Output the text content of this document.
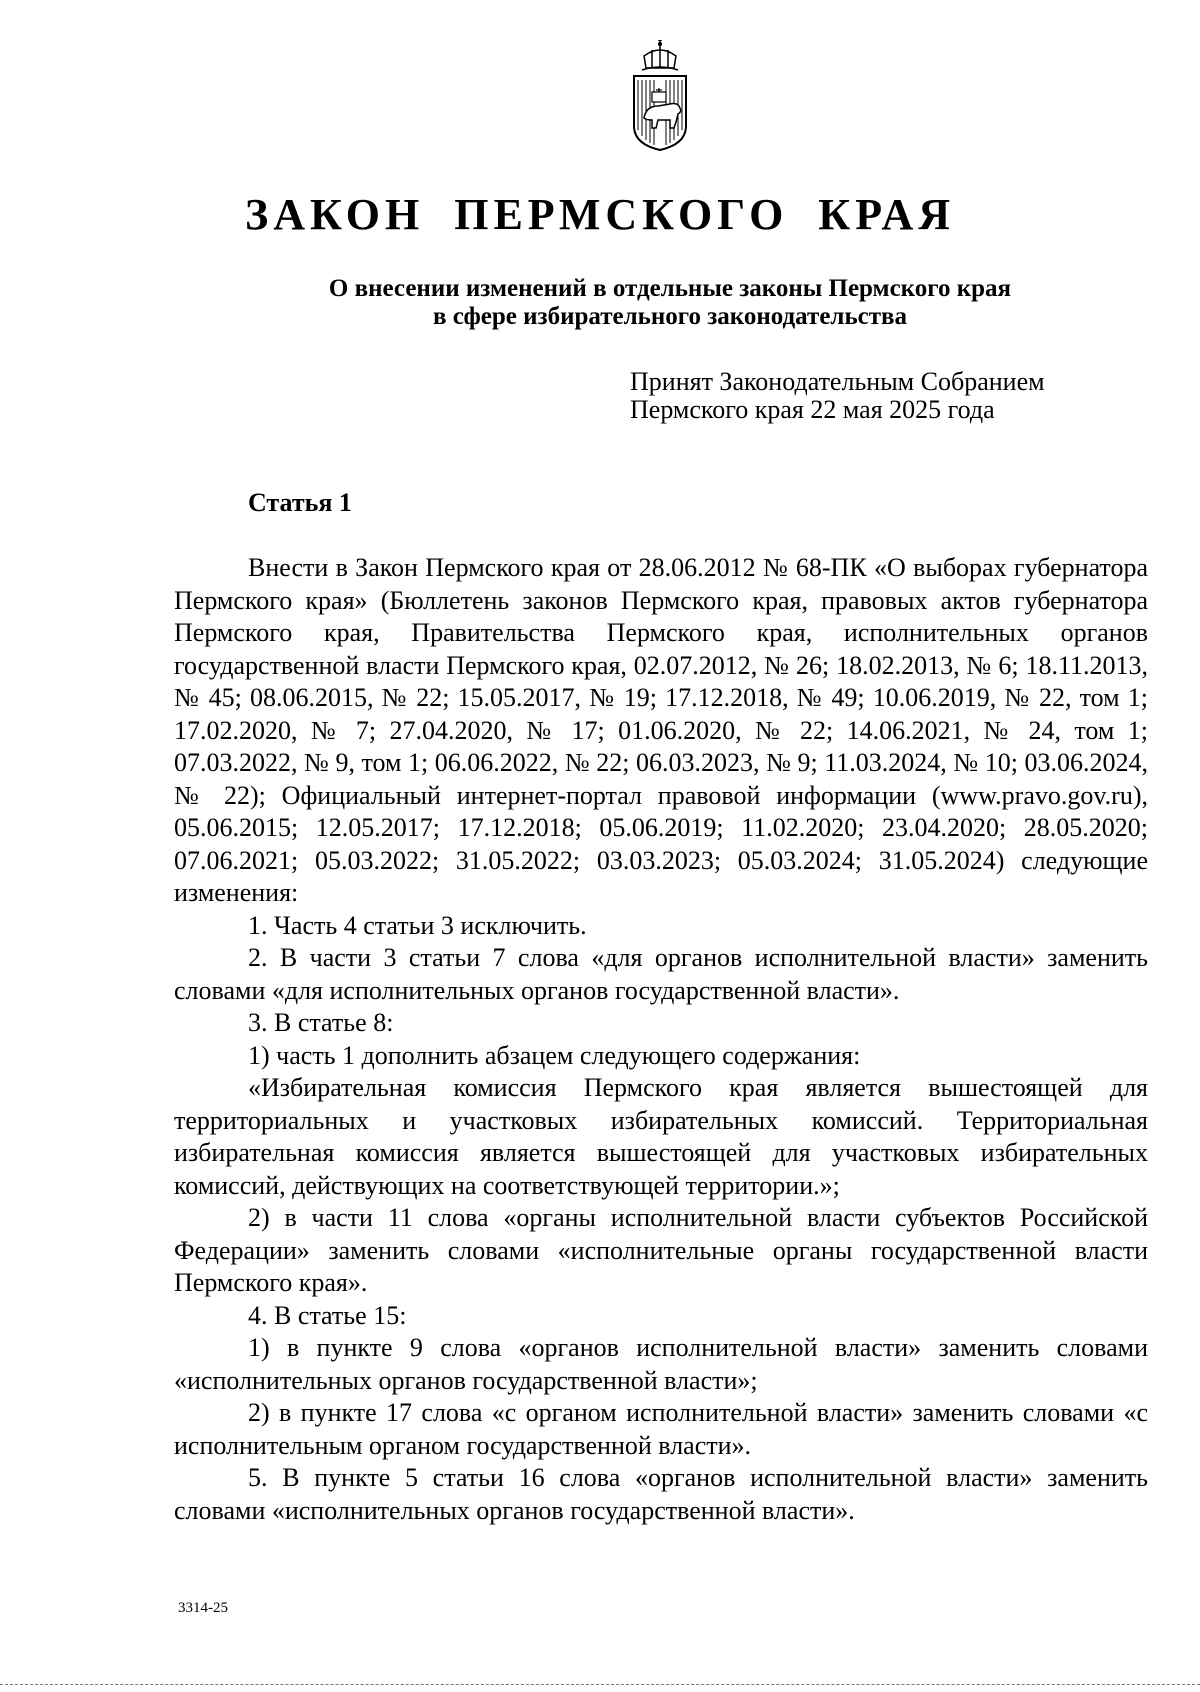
ЗАКОН ПЕРМСКОГО КРАЯ
О внесении изменений в отдельные законы Пермского края
в сфере избирательного законодательства
Принят Законодательным Собранием
Пермского края 22 мая 2025 года
Статья 1

Внести в Закон Пермского края от 28.06.2012 № 68-ПК «О выборах губернатора Пермского края» (Бюллетень законов Пермского края, правовых актов губернатора Пермского края, Правительства Пермского края, исполнительных органов государственной власти Пермского края, 02.07.2012, № 26; 18.02.2013, № 6; 18.11.2013, № 45; 08.06.2015, № 22; 15.05.2017, № 19; 17.12.2018, № 49; 10.06.2019, № 22, том 1; 17.02.2020, № 7; 27.04.2020, № 17; 01.06.2020, № 22; 14.06.2021, № 24, том 1; 07.03.2022, № 9, том 1; 06.06.2022, № 22; 06.03.2023, № 9; 11.03.2024, № 10; 03.06.2024, № 22); Официальный интернет-портал правовой информации (www.pravo.gov.ru), 05.06.2015; 12.05.2017; 17.12.2018; 05.06.2019; 11.02.2020; 23.04.2020; 28.05.2020; 07.06.2021; 05.03.2022; 31.05.2022; 03.03.2023; 05.03.2024; 31.05.2024) следующие изменения:

1. Часть 4 статьи 3 исключить.

2. В части 3 статьи 7 слова «для органов исполнительной власти» заменить словами «для исполнительных органов государственной власти».

3. В статье 8:

1) часть 1 дополнить абзацем следующего содержания:

«Избирательная комиссия Пермского края является вышестоящей для территориальных и участковых избирательных комиссий. Территориальная избирательная комиссия является вышестоящей для участковых избирательных комиссий, действующих на соответствующей территории.»;

2) в части 11 слова «органы исполнительной власти субъектов Российской Федерации» заменить словами «исполнительные органы государственной власти Пермского края».

4. В статье 15:

1) в пункте 9 слова «органов исполнительной власти» заменить словами «исполнительных органов государственной власти»;

2) в пункте 17 слова «с органом исполнительной власти» заменить словами «с исполнительным органом государственной власти».

5. В пункте 5 статьи 16 слова «органов исполнительной власти» заменить словами «исполнительных органов государственной власти».

3314-25
